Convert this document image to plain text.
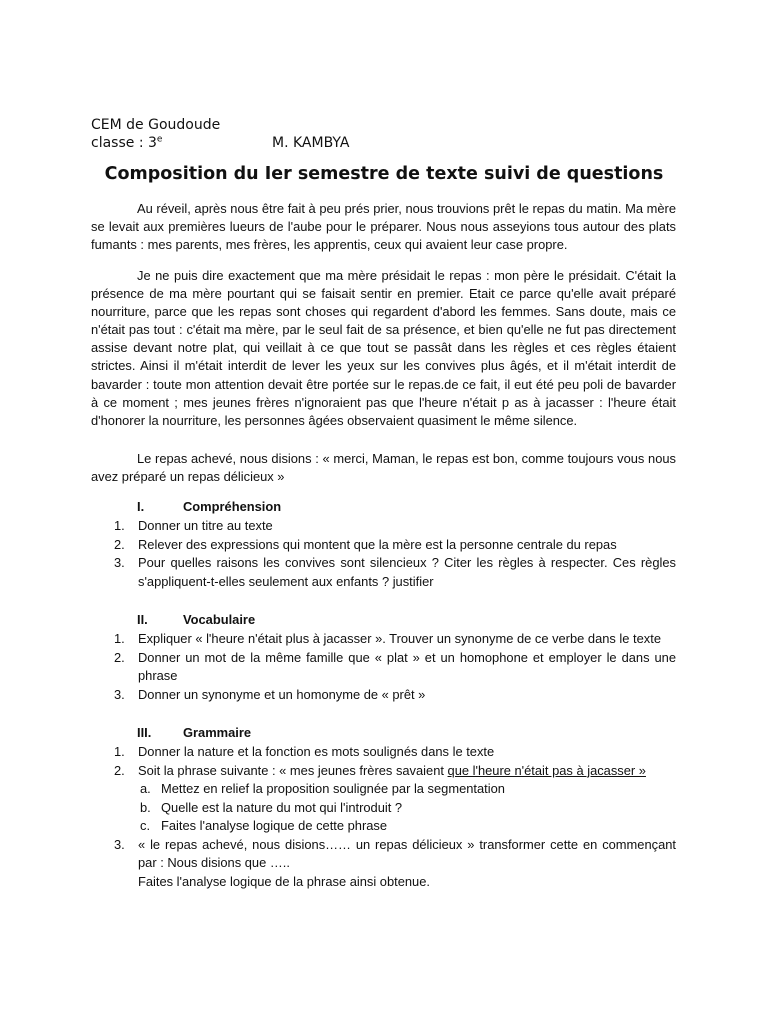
CEM de Goudoude
classe : 3e	M. KAMBYA
Composition du Ier semestre de texte suivi de questions

Au réveil, après nous être fait à peu prés prier, nous trouvions prêt le repas du matin. Ma mère se levait aux premières lueurs de l'aube pour le préparer. Nous nous asseyions tous autour des plats fumants : mes parents, mes frères, les apprentis, ceux qui avaient leur case propre.

Je ne puis dire exactement que ma mère présidait le repas : mon père le présidait. C'était la présence de ma mère pourtant qui se faisait sentir en premier. Etait ce parce qu'elle avait préparé nourriture, parce que les repas sont choses qui regardent d'abord les femmes. Sans doute, mais ce n'était pas tout : c'était ma mère, par le seul fait de sa présence, et bien qu'elle ne fut pas directement assise devant notre plat, qui veillait à ce que tout se passât dans les règles et ces règles étaient strictes. Ainsi il m'était interdit de lever les yeux sur les convives plus âgés, et il m'était interdit de bavarder : toute mon attention devait être portée sur le repas.de ce fait, il eut été peu poli de bavarder à ce moment ; mes jeunes frères n'ignoraient pas que l'heure n'était p as à jacasser : l'heure était d'honorer la nourriture, les personnes âgées observaient quasiment le même silence.

Le repas achevé, nous disions : « merci, Maman, le repas est bon, comme toujours vous nous avez préparé un repas délicieux »

I.	Compréhension
1. Donner un titre au texte
2. Relever des expressions qui montent que la mère est la personne centrale du repas
3. Pour quelles raisons les convives sont silencieux ? Citer les règles à respecter. Ces règles s'appliquent-t-elles seulement aux enfants ? justifier
II.	Vocabulaire
1. Expliquer « l'heure n'était plus à jacasser ». Trouver un synonyme de ce verbe dans le texte
2. Donner un mot de la même famille que « plat » et un homophone et employer le dans une phrase
3. Donner un synonyme et un homonyme de « prêt »
III. Grammaire
1. Donner la nature et la fonction es mots soulignés dans le texte
2. Soit la phrase suivante : « mes jeunes frères savaient que l'heure n'était pas à jacasser »
a. Mettez en relief la proposition soulignée par la segmentation
b. Quelle est la nature du mot qui l'introduit ?
c. Faites l'analyse logique de cette phrase
3. « le repas achevé, nous disions…… un repas délicieux » transformer cette en commençant par : Nous disions que …..
Faites l'analyse logique de la phrase ainsi obtenue.
